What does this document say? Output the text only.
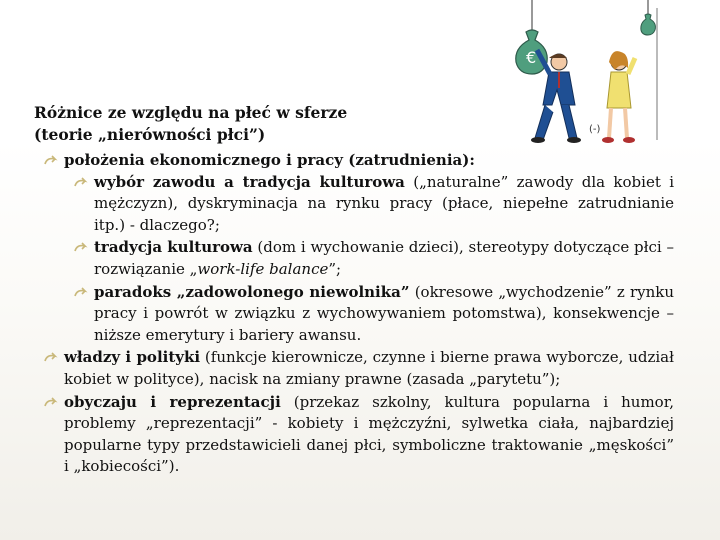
Różnice ze względu na płeć w sferze
(teorie „nierówności płci”)
€
(-)
położenia ekonomicznego i pracy (zatrudnienia):
wybór zawodu a tradycja kulturowa („naturalne” zawody dla kobiet i mężczyzn), dyskryminacja na rynku pracy (płace, niepełne zatrudnianie itp.) - dlaczego?;
tradycja kulturowa (dom i wychowanie dzieci), stereotypy dotyczące płci – rozwiązanie „work-life balance”;
paradoks „zadowolonego niewolnika” (okresowe „wychodzenie” z rynku pracy i powrót w związku z wychowywaniem potomstwa), konsekwencje – niższe emerytury i bariery awansu.
władzy i polityki (funkcje kierownicze, czynne i bierne prawa wyborcze, udział kobiet w polityce), nacisk na zmiany prawne (zasada „parytetu”);
obyczaju i reprezentacji (przekaz szkolny, kultura popularna i humor, problemy „reprezentacji” - kobiety i mężczyźni, sylwetka ciała, najbardziej popularne typy przedstawicieli danej płci, symboliczne traktowanie „męskości” i „kobiecości”).
